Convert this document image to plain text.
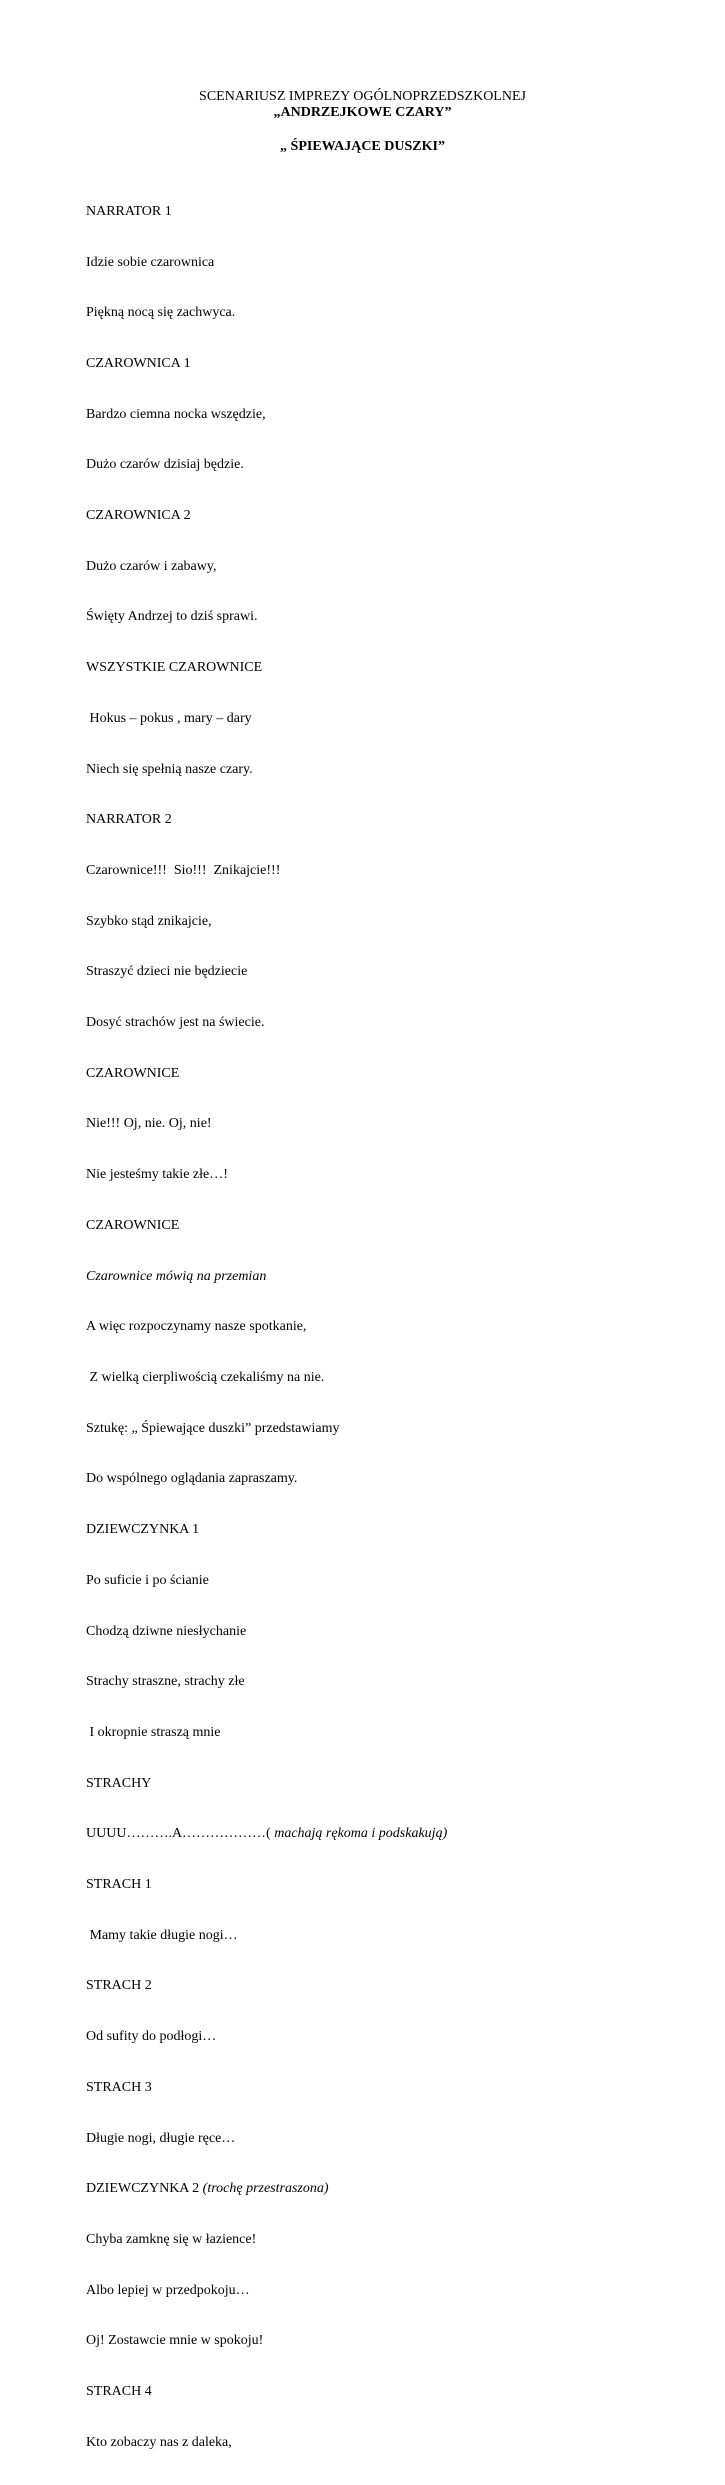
SCENARIUSZ IMPREZY OGÓLNOPRZEDSZKOLNEJ
„ANDRZEJKOWE CZARY”
„ ŚPIEWAJĄCE DUSZKI”

NARRATOR 1

Idzie sobie czarownica

Piękną nocą się zachwyca.

CZAROWNICA 1

Bardzo ciemna nocka wszędzie,

Dużo czarów dzisiaj będzie.

CZAROWNICA 2

Dużo czarów i zabawy,

Święty Andrzej to dziś sprawi.

WSZYSTKIE CZAROWNICE

Hokus – pokus , mary – dary

Niech się spełnią nasze czary.

NARRATOR 2

Czarownice!!!  Sio!!!  Znikajcie!!!

Szybko stąd znikajcie,

Straszyć dzieci nie będziecie

Dosyć strachów jest na świecie.

CZAROWNICE

Nie!!! Oj, nie. Oj, nie!

Nie jesteśmy takie złe…!

CZAROWNICE

Czarownice mówią na przemian

A więc rozpoczynamy nasze spotkanie,

Z wielką cierpliwością czekaliśmy na nie.

Sztukę: „ Śpiewające duszki” przedstawiamy

Do wspólnego oglądania zapraszamy.

DZIEWCZYNKA 1

Po suficie i po ścianie

Chodzą dziwne niesłychanie

Strachy straszne, strachy złe

I okropnie straszą mnie

STRACHY

UUUU……….A………………( machają rękoma i podskakują)

STRACH 1

Mamy takie długie nogi…

STRACH 2

Od sufity do podłogi…

STRACH 3

Długie nogi, długie ręce…

DZIEWCZYNKA 2 (trochę przestraszona)

Chyba zamknę się w łazience!

Albo lepiej w przedpokoju…

Oj! Zostawcie mnie w spokoju!

STRACH 4

Kto zobaczy nas z daleka,
